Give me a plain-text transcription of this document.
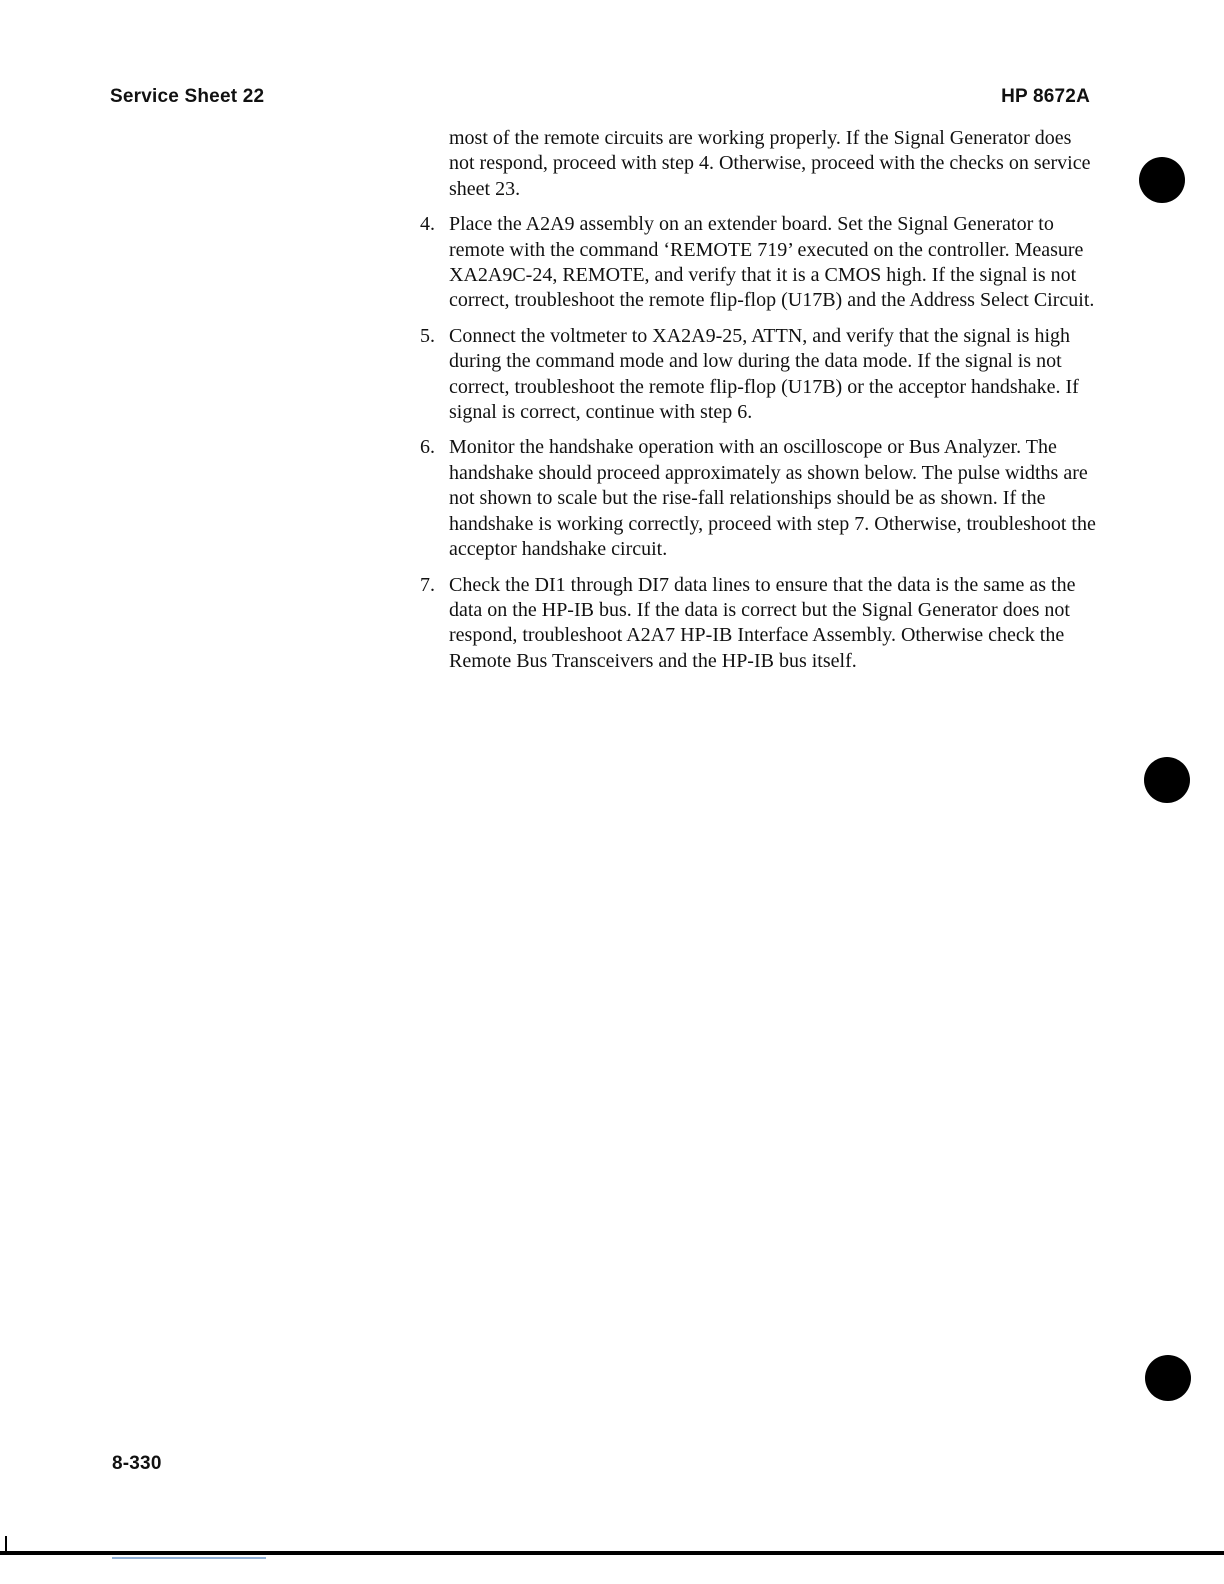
Service Sheet 22	HP 8672A
most of the remote circuits are working properly. If the Signal Generator does not respond, proceed with step 4. Otherwise, proceed with the checks on service sheet 23.
4. Place the A2A9 assembly on an extender board. Set the Signal Generator to remote with the command ‘REMOTE 719’ executed on the controller. Measure XA2A9C-24, REMOTE, and verify that it is a CMOS high. If the signal is not correct, troubleshoot the remote flip-flop (U17B) and the Address Select Circuit.
5. Connect the voltmeter to XA2A9-25, ATTN, and verify that the signal is high during the command mode and low during the data mode. If the signal is not correct, troubleshoot the remote flip-flop (U17B) or the acceptor handshake. If signal is correct, continue with step 6.
6. Monitor the handshake operation with an oscilloscope or Bus Analyzer. The handshake should proceed approximately as shown below. The pulse widths are not shown to scale but the rise-fall relationships should be as shown. If the handshake is working correctly, proceed with step 7. Otherwise, troubleshoot the acceptor handshake circuit.
7. Check the DI1 through DI7 data lines to ensure that the data is the same as the data on the HP-IB bus. If the data is correct but the Signal Generator does not respond, troubleshoot A2A7 HP-IB Interface Assembly. Otherwise check the Remote Bus Transceivers and the HP-IB bus itself.
8-330
